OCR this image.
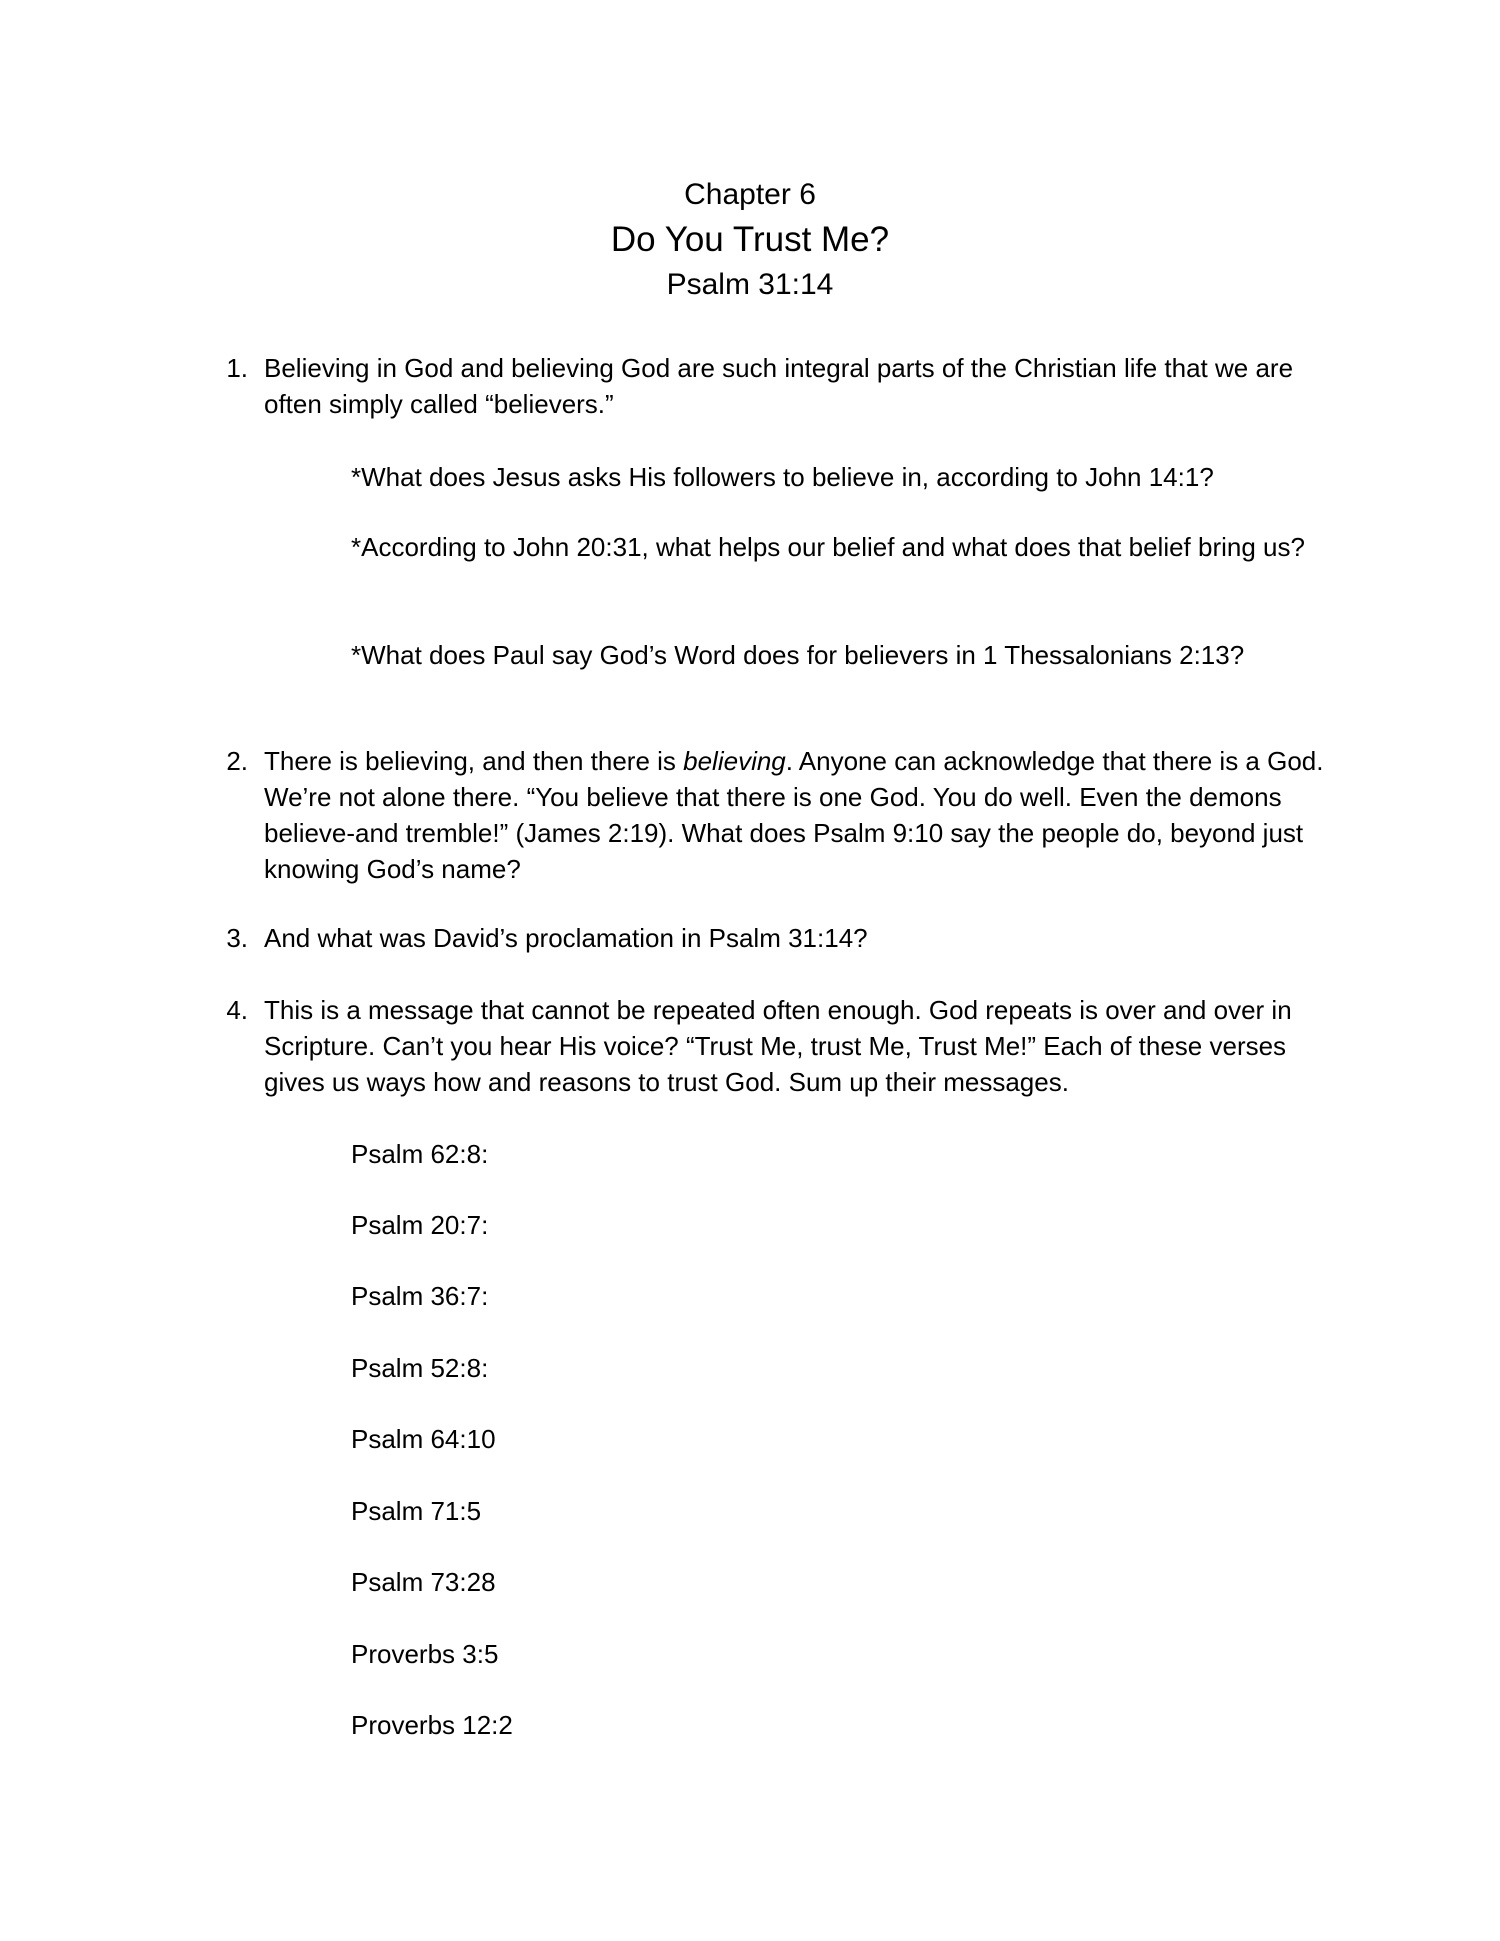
Chapter 6
Do You Trust Me?
Psalm 31:14
1. Believing in God and believing God are such integral parts of the Christian life that we are often simply called “believers.”
*What does Jesus asks His followers to believe in, according to John 14:1?
*According to John 20:31, what helps our belief and what does that belief bring us?
*What does Paul say God’s Word does for believers in 1 Thessalonians 2:13?
2. There is believing, and then there is believing. Anyone can acknowledge that there is a God. We’re not alone there. “You believe that there is one God. You do well. Even the demons believe-and tremble!” (James 2:19). What does Psalm 9:10 say the people do, beyond just knowing God’s name?
3. And what was David’s proclamation in Psalm 31:14?
4. This is a message that cannot be repeated often enough. God repeats is over and over in Scripture. Can’t you hear His voice? “Trust Me, trust Me, Trust Me!” Each of these verses gives us ways how and reasons to trust God. Sum up their messages.
Psalm 62:8:
Psalm 20:7:
Psalm 36:7:
Psalm 52:8:
Psalm 64:10
Psalm 71:5
Psalm 73:28
Proverbs 3:5
Proverbs 12:2
